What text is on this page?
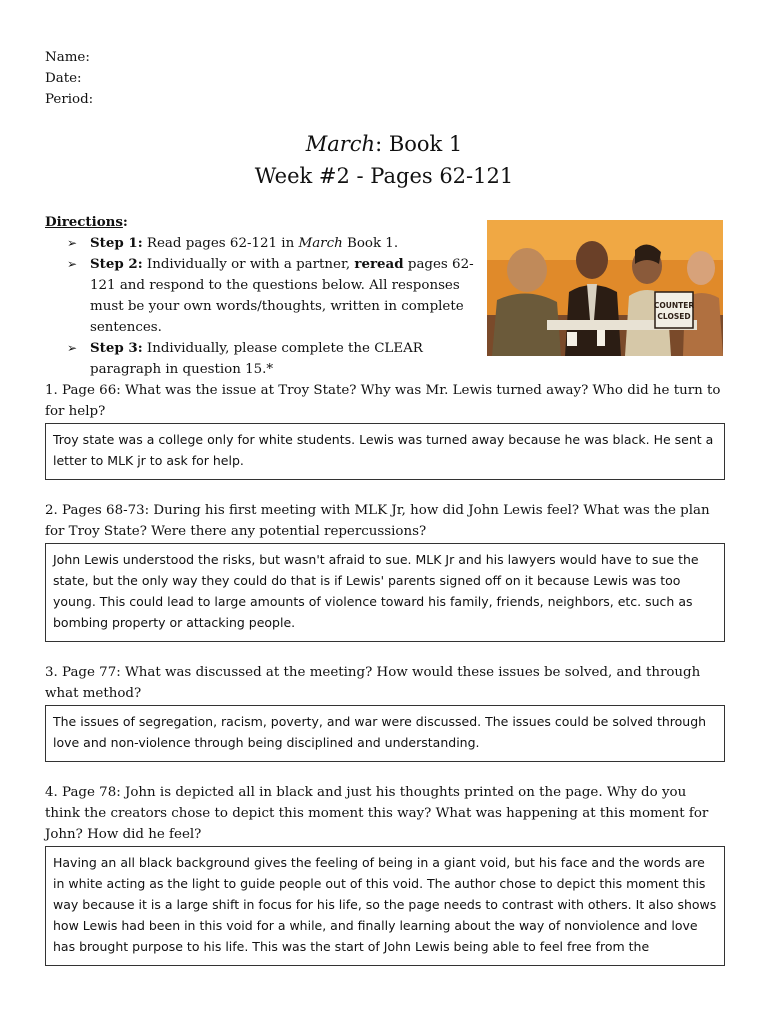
Name:
Date:
Period:
March: Book 1
Week #2 - Pages 62-121
Directions:
➢ Step 1: Read pages 62-121 in March Book 1.
➢ Step 2: Individually or with a partner, reread pages 62-121 and respond to the questions below. All responses must be your own words/thoughts, written in complete sentences.
➢ Step 3: Individually, please complete the CLEAR paragraph in question 15.*
COUNTER
CLOSED
1. Page 66: What was the issue at Troy State? Why was Mr. Lewis turned away? Who did he turn to for help?
Troy state was a college only for white students. Lewis was turned away because he was black. He sent a letter to MLK jr to ask for help.
2. Pages 68-73: During his first meeting with MLK Jr, how did John Lewis feel? What was the plan for Troy State? Were there any potential repercussions?
John Lewis understood the risks, but wasn't afraid to sue. MLK Jr and his lawyers would have to sue the state, but the only way they could do that is if Lewis' parents signed off on it because Lewis was too young. This could lead to large amounts of violence toward his family, friends, neighbors, etc. such as bombing property or attacking people.
3. Page 77: What was discussed at the meeting? How would these issues be solved, and through what method?
The issues of segregation, racism, poverty, and war were discussed. The issues could be solved through love and non-violence through being disciplined and understanding.
4. Page 78: John is depicted all in black and just his thoughts printed on the page. Why do you think the creators chose to depict this moment this way? What was happening at this moment for John? How did he feel?
Having an all black background gives the feeling of being in a giant void, but his face and the words are in white acting as the light to guide people out of this void. The author chose to depict this moment this way because it is a large shift in focus for his life, so the page needs to contrast with others. It also shows how Lewis had been in this void for a while, and finally learning about the way of nonviolence and love has brought purpose to his life. This was the start of John Lewis being able to feel free from the
